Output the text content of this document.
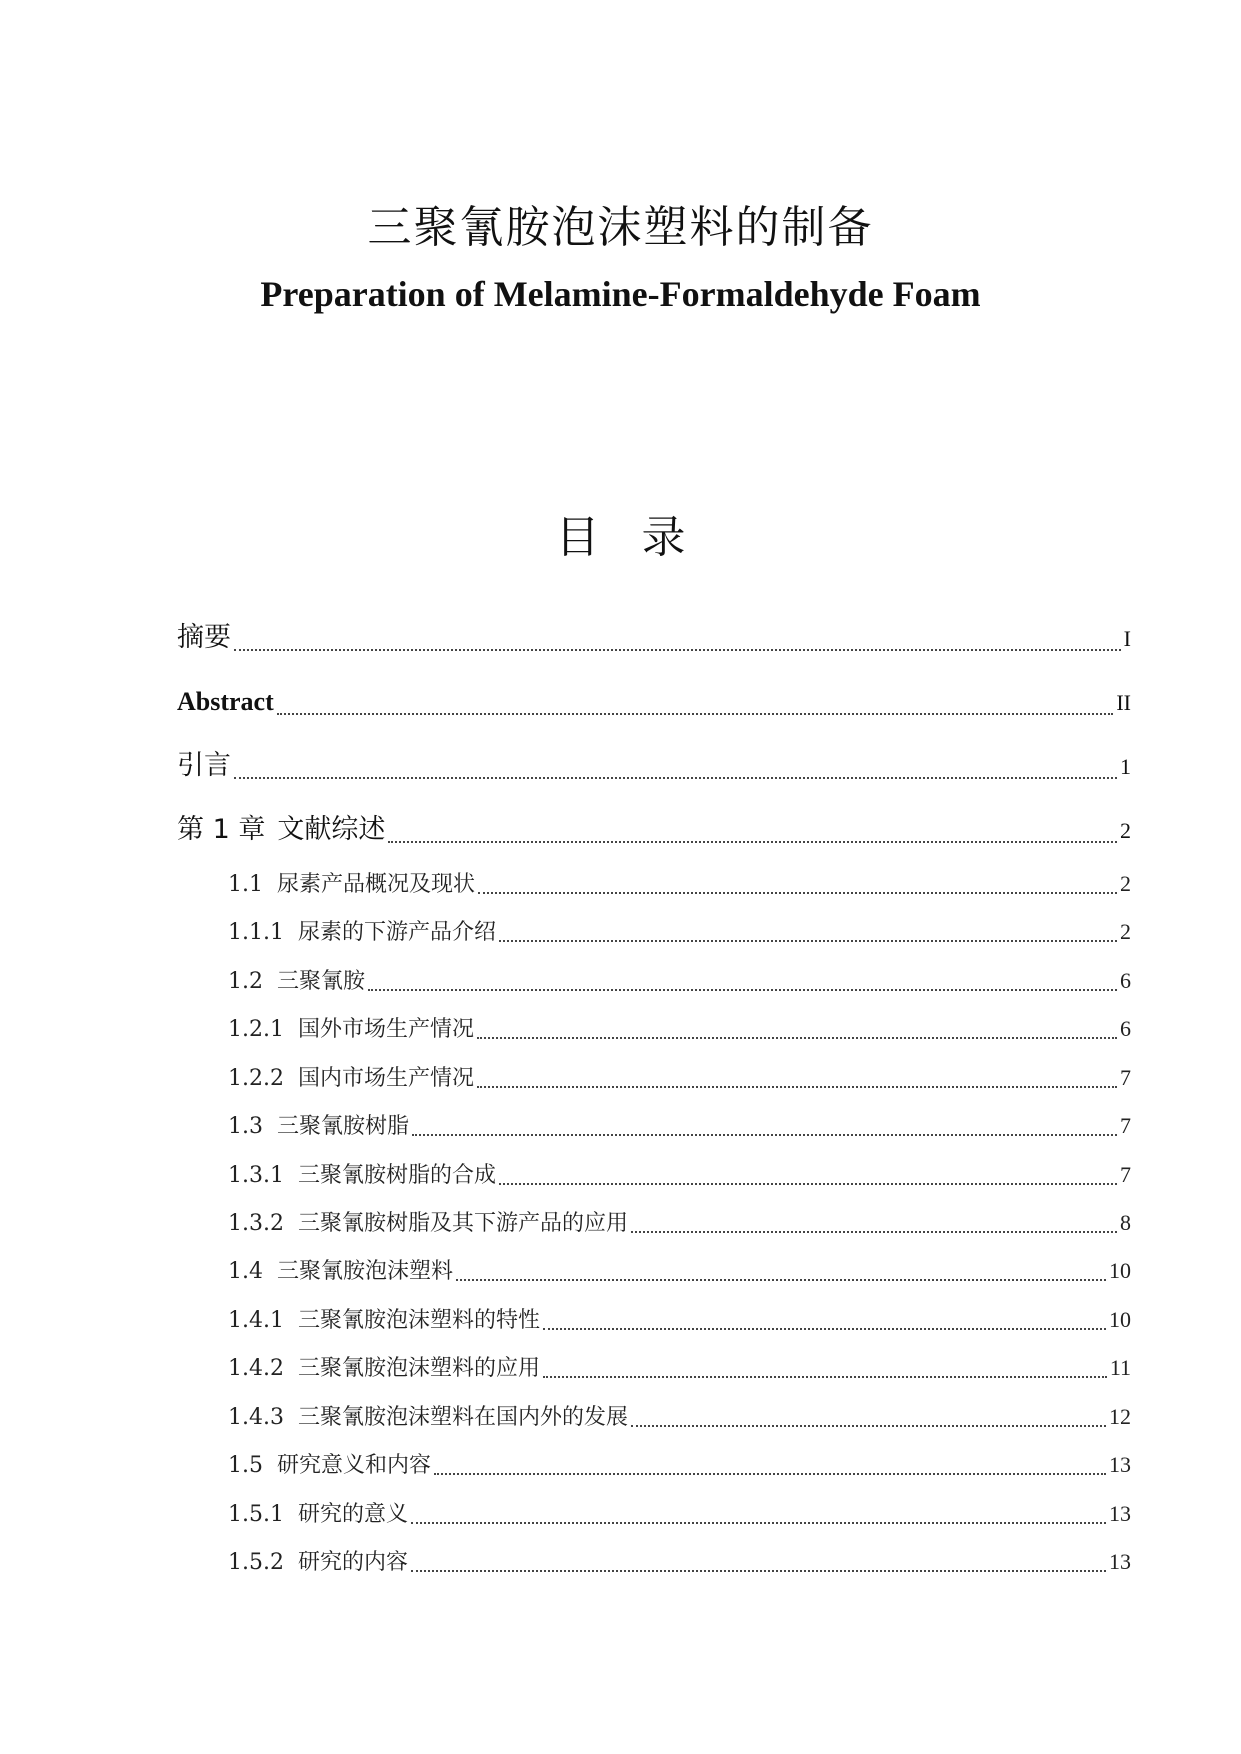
三聚氰胺泡沫塑料的制备
Preparation of Melamine-Formaldehyde Foam
目 录
摘要	I
Abstract	II
引言	1
第 1 章 文献综述	2
1.1 尿素产品概况及现状	2
1.1.1 尿素的下游产品介绍	2
1.2 三聚氰胺	6
1.2.1 国外市场生产情况	6
1.2.2 国内市场生产情况	7
1.3 三聚氰胺树脂	7
1.3.1 三聚氰胺树脂的合成	7
1.3.2 三聚氰胺树脂及其下游产品的应用	8
1.4 三聚氰胺泡沫塑料	10
1.4.1 三聚氰胺泡沫塑料的特性	10
1.4.2 三聚氰胺泡沫塑料的应用	11
1.4.3 三聚氰胺泡沫塑料在国内外的发展	12
1.5 研究意义和内容	13
1.5.1 研究的意义	13
1.5.2 研究的内容	13
